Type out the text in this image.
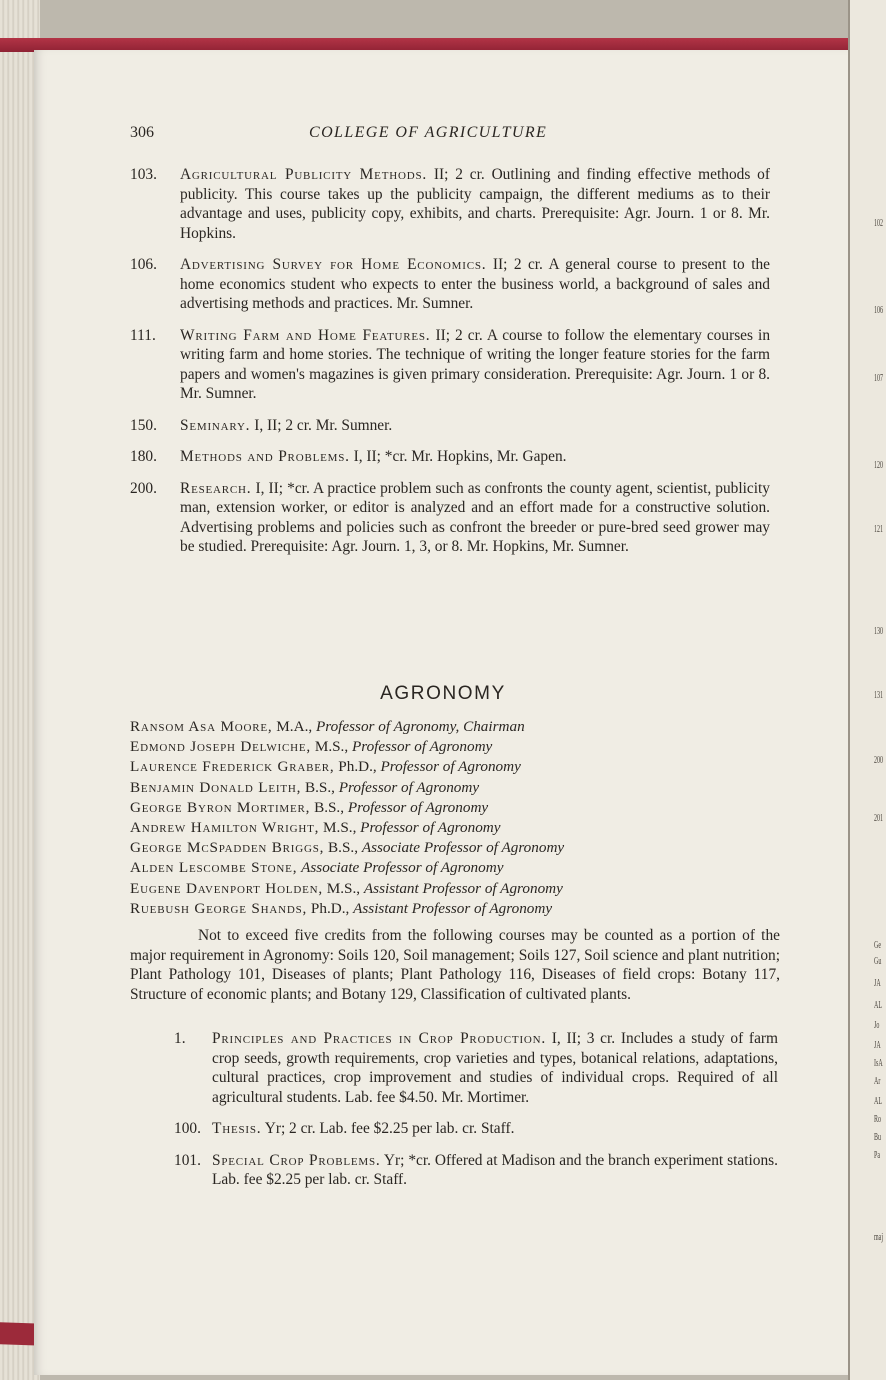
102
106
107
120
121
130
131
200
201
Ge
Gu
JA
AL
Jo
JA
IsA
Ar
AL
Ro
Bu
Pa
maj
306	COLLEGE OF AGRICULTURE
103. Agricultural Publicity Methods. II; 2 cr. Outlining and finding effective methods of publicity. This course takes up the publicity campaign, the different mediums as to their advantage and uses, publicity copy, exhibits, and charts. Prerequisite: Agr. Journ. 1 or 8. Mr. Hopkins.
106. Advertising Survey for Home Economics. II; 2 cr. A general course to present to the home economics student who expects to enter the business world, a background of sales and advertising methods and practices. Mr. Sumner.
111. Writing Farm and Home Features. II; 2 cr. A course to follow the elementary courses in writing farm and home stories. The technique of writing the longer feature stories for the farm papers and women's magazines is given primary consideration. Prerequisite: Agr. Journ. 1 or 8. Mr. Sumner.
150. Seminary. I, II; 2 cr. Mr. Sumner.
180. Methods and Problems. I, II; *cr. Mr. Hopkins, Mr. Gapen.
200. Research. I, II; *cr. A practice problem such as confronts the county agent, scientist, publicity man, extension worker, or editor is analyzed and an effort made for a constructive solution. Advertising problems and policies such as confront the breeder or pure-bred seed grower may be studied. Prerequisite: Agr. Journ. 1, 3, or 8. Mr. Hopkins, Mr. Sumner.
AGRONOMY
Ransom Asa Moore, M.A., Professor of Agronomy, Chairman
Edmond Joseph Delwiche, M.S., Professor of Agronomy
Laurence Frederick Graber, Ph.D., Professor of Agronomy
Benjamin Donald Leith, B.S., Professor of Agronomy
George Byron Mortimer, B.S., Professor of Agronomy
Andrew Hamilton Wright, M.S., Professor of Agronomy
George McSpadden Briggs, B.S., Associate Professor of Agronomy
Alden Lescombe Stone, Associate Professor of Agronomy
Eugene Davenport Holden, M.S., Assistant Professor of Agronomy
Ruebush George Shands, Ph.D., Assistant Professor of Agronomy
Not to exceed five credits from the following courses may be counted as a portion of the major requirement in Agronomy: Soils 120, Soil management; Soils 127, Soil science and plant nutrition; Plant Pathology 101, Diseases of plants; Plant Pathology 116, Diseases of field crops: Botany 117, Structure of economic plants; and Botany 129, Classification of cultivated plants.
1. Principles and Practices in Crop Production. I, II; 3 cr. Includes a study of farm crop seeds, growth requirements, crop varieties and types, botanical relations, adaptations, cultural practices, crop improvement and studies of individual crops. Required of all agricultural students. Lab. fee $4.50. Mr. Mortimer.
100. Thesis. Yr; 2 cr. Lab. fee $2.25 per lab. cr. Staff.
101. Special Crop Problems. Yr; *cr. Offered at Madison and the branch experiment stations. Lab. fee $2.25 per lab. cr. Staff.
